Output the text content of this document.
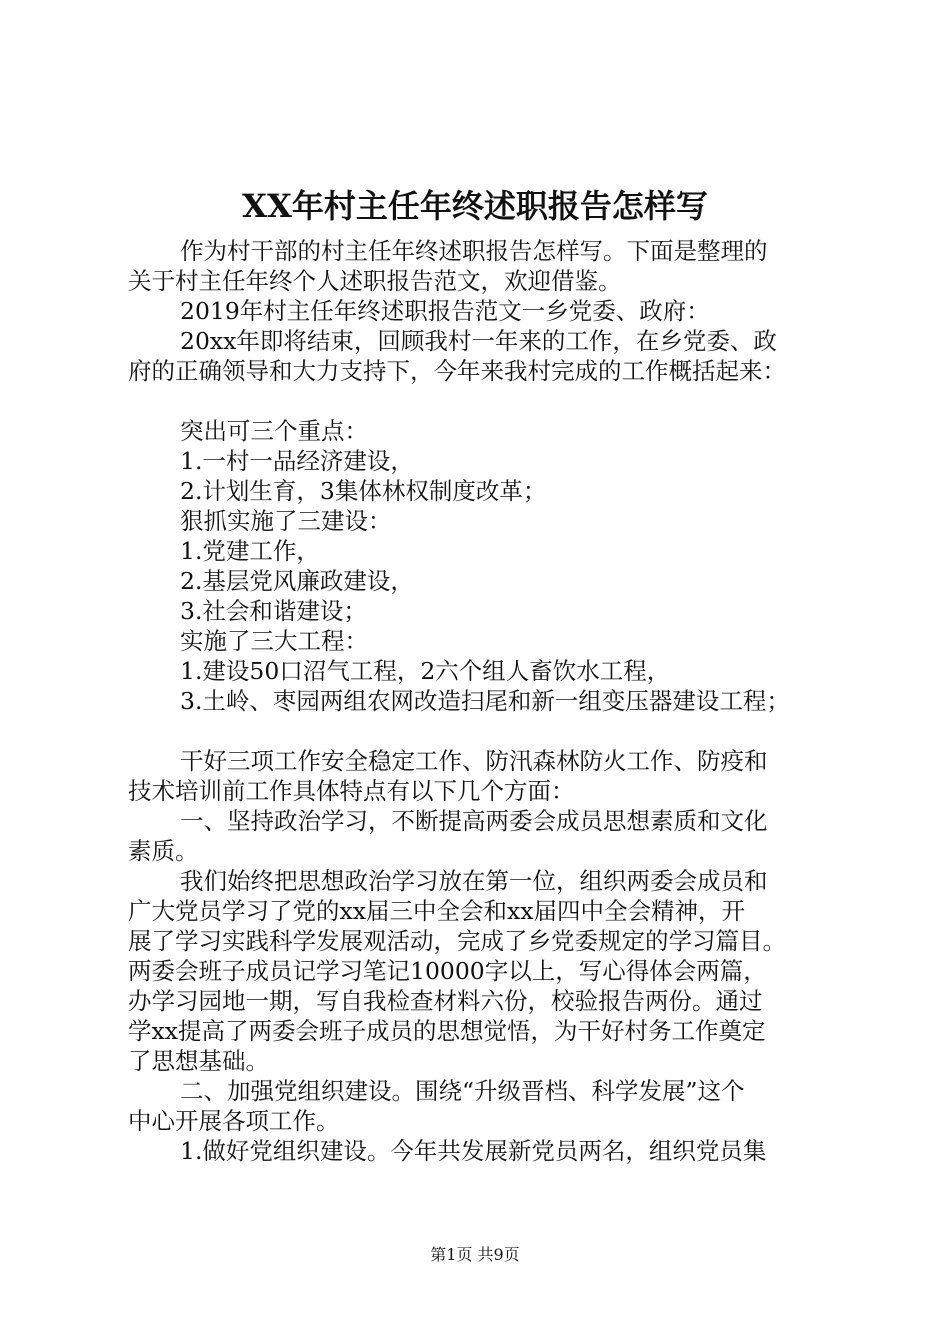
XX年村主任年终述职报告怎样写
作为村干部的村主任年终述职报告怎样写。下面是整理的
关于村主任年终个人述职报告范文，欢迎借鉴。
2019年村主任年终述职报告范文一乡党委、政府：
20xx年即将结束，回顾我村一年来的工作，在乡党委、政
府的正确领导和大力支持下，今年来我村完成的工作概括起来：
突出可三个重点：
1.一村一品经济建设，
2.计划生育，3集体林权制度改革；
狠抓实施了三建设：
1.党建工作，
2.基层党风廉政建设，
3.社会和谐建设；
实施了三大工程：
1.建设50口沼气工程，2六个组人畜饮水工程，
3.土岭、枣园两组农网改造扫尾和新一组变压器建设工程；
干好三项工作安全稳定工作、防汛森林防火工作、防疫和
技术培训前工作具体特点有以下几个方面：
一、坚持政治学习，不断提高两委会成员思想素质和文化
素质。
我们始终把思想政治学习放在第一位，组织两委会成员和
广大党员学习了党的xx届三中全会和xx届四中全会精神，开
展了学习实践科学发展观活动，完成了乡党委规定的学习篇目。
两委会班子成员记学习笔记10000字以上，写心得体会两篇，
办学习园地一期，写自我检查材料六份，校验报告两份。通过
学xx提高了两委会班子成员的思想觉悟，为干好村务工作奠定
了思想基础。
二、加强党组织建设。围绕“升级晋档、科学发展”这个
中心开展各项工作。
1.做好党组织建设。今年共发展新党员两名，组织党员集
第1页 共9页
